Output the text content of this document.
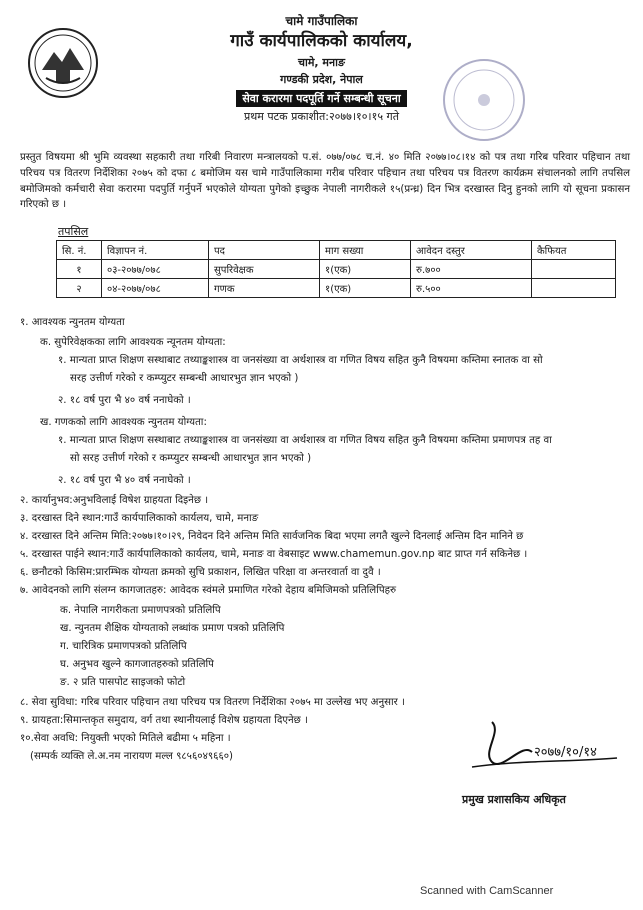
चामे गाउँपालिका
गाउँ कार्यपालिकको कार्यालय,
चामे, मनाङ
गण्डकी प्रदेश, नेपाल
सेवा करारमा पदपूर्ति गर्ने सम्बन्धी सूचना
प्रथम पटक प्रकाशीत:२०७७।१०।१५ गते
प्रस्तुत विषयमा श्री भुमि व्यवस्था सहकारी तथा गरिबी निवारण मन्त्रालयको प.सं. ०७७/०७८ च.नं. ४० मिति २०७७।०८।१४ को पत्र तथा गरिब परिवार पहिचान तथा परिचय पत्र वितरण निर्देशिका २०७५ को दफा ८ बमोजिम यस चामे गाउँपालिकामा गरीब परिवार पहिचान तथा परिचय पत्र वितरण कार्यक्रम संचालनको लागि तपसिल बमोजिमको कर्मचारी सेवा करारमा पदपुर्ति गर्नुपर्ने भएकोले योग्यता पुगेको इच्छुक नेपाली नागरीकले १५(प्रन्ध्र) दिन भित्र दरखास्त दिनु हुनको लागि यो सूचना प्रकासन गरिएको छ ।
तपसिल
सि. नं.	विज्ञापन नं.	पद	माग सख्या	आवेदन दस्तुर	कैफियत
१	०३-२०७७/०७८	सुपरिवेक्षक	१(एक)	रु.७००	
२	०४-२०७७/०७८	गणक	१(एक)	रु.५००	
१. आवश्यक न्युनतम योग्यता
क. सुपेरिवेक्षकका लागि आवश्यक न्यूनतम योग्यता:
१. मान्यता प्राप्त शिक्षण सस्थाबाट तथ्याङ्कशास्त्र वा जनसंख्या वा अर्थशास्त्र वा गणित विषय सहित कुनै विषयमा कम्तिमा स्नातक वा सो
सरह उत्तीर्ण गरेको र कम्प्युटर सम्बन्धी आधारभुत ज्ञान भएको )
२. १८ वर्ष पुरा भै ४० वर्ष ननाघेको ।
ख. गणकको लागि आवश्यक न्युनतम योग्यता:
१. मान्यता प्राप्त शिक्षण सस्थाबाट तथ्याङ्कशास्त्र वा जनसंख्या वा अर्थशास्त्र वा गणित विषय सहित कुनै विषयमा कम्तिमा प्रमाणपत्र तह वा
सो सरह उत्तीर्ण गरेको र कम्प्युटर सम्बन्धी आधारभुत ज्ञान भएको )
२. १८ वर्ष पुरा भै ४० वर्ष ननाघेको ।
२. कार्यानुभव:अनुभविलाई विषेश ग्राहयता दिइनेछ ।
३. दरखास्त दिने स्थान:गाउँ कार्यपालिकाको कार्यलय, चामे, मनाङ
४. दरखास्त दिने अन्तिम मिति:२०७७।१०।२९, निवेदन दिने अन्तिम मिति सार्वजनिक बिदा भएमा लगतै खुल्ने दिनलाई अन्तिम दिन मानिने छ
५. दरखास्त पाईने स्थान:गाउँ कार्यपालिकाको कार्यलय, चामे, मनाङ वा वेबसाइट www.chamemun.gov.np बाट प्राप्त गर्न सकिनेछ ।
६. छनौटको किसिम:प्रारम्भिक योग्यता क्रमको सुचि प्रकाशन, लिखित परिक्षा वा अन्तरवार्ता वा दुवै ।
७. आवेदनको लागि संलग्न कागजातहरु: आवेदक स्वंमले प्रमाणित गरेको देहाय बमिजिमको प्रतिलिपिहरु
क. नेपालि नागरीकता प्रमाणपत्रको प्रतिलिपि
ख. न्युनतम शैक्षिक योग्यताको लब्धांक प्रमाण पत्रको प्रतिलिपि
ग. चारित्रिक प्रमाणपत्रको प्रतिलिपि
घ. अनुभव खुल्ने कागजातहरुको प्रतिलिपि
ङ. २ प्रति पासपोट साइजको फोटो
८. सेवा सुविधा: गरिब परिवार पहिचान तथा परिचय पत्र वितरण निर्देशिका २०७५ मा उल्लेख भए अनुसार ।
९. ग्रायहता:सिमान्तकृत समुदाय, वर्ग तथा स्थानीयलाई विशेष ग्रहायता दिएनेछ ।
१०.सेवा अवधि: नियुक्ती भएको मितिले बढीमा ५ महिना ।
(सम्पर्क व्यक्ति ले.अ.नम नारायण मल्ल ९८५६०४९६६०)	२०७७/१०/१४
प्रमुख प्रशासकिय अधिकृत
Scanned with CamScanner
